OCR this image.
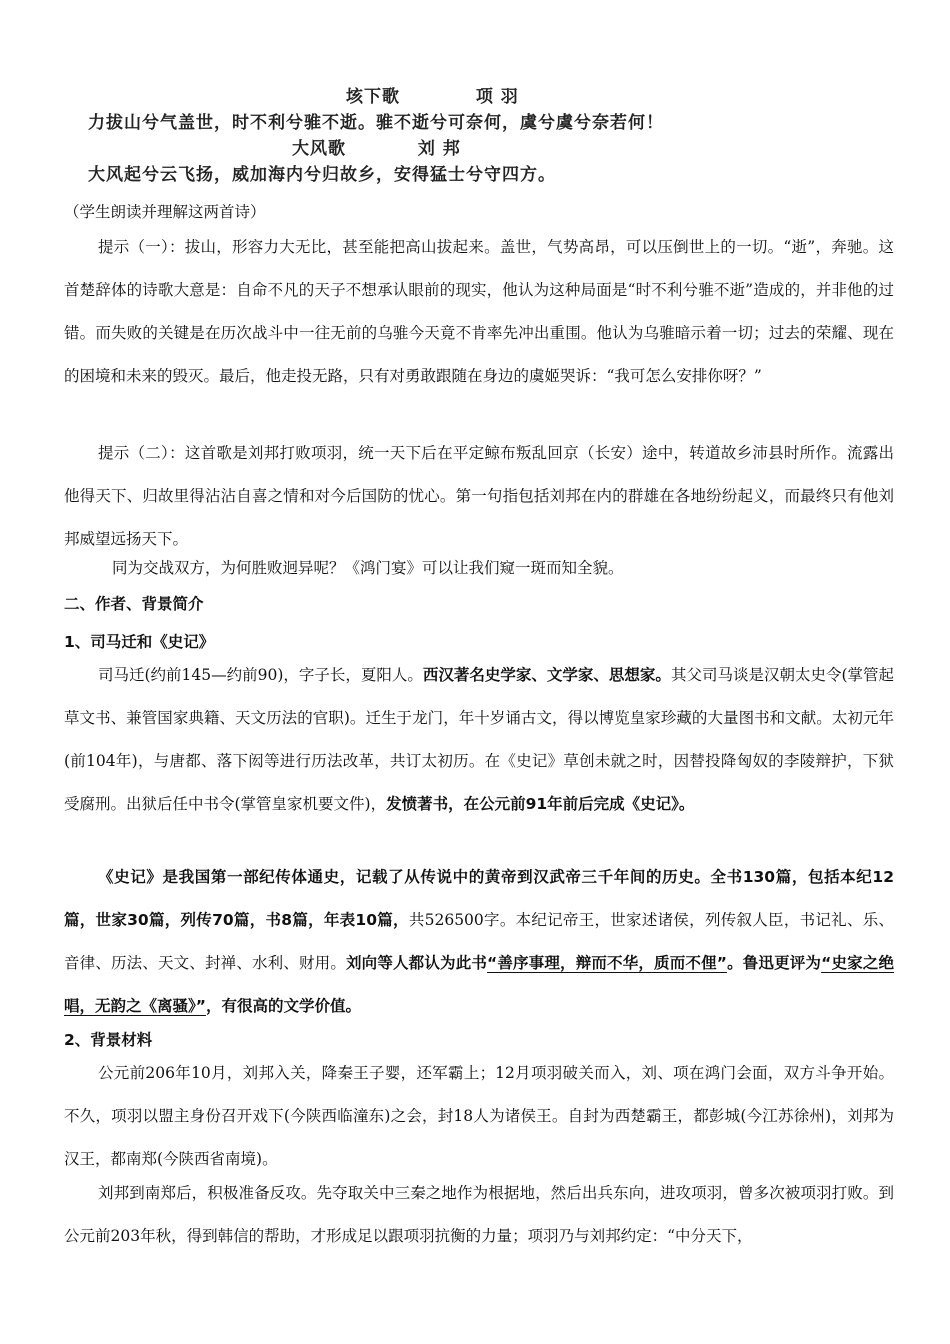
垓下歌	项 羽
力拔山兮气盖世，时不利兮骓不逝。骓不逝兮可奈何，虞兮虞兮奈若何！
大风歌	刘 邦
大风起兮云飞扬，威加海内兮归故乡，安得猛士兮守四方。
（学生朗读并理解这两首诗）

提示（一）：拔山，形容力大无比，甚至能把高山拔起来。盖世，气势高昂，可以压倒世上的一切。“逝”，奔驰。这首楚辞体的诗歌大意是：自命不凡的天子不想承认眼前的现实，他认为这种局面是“时不利兮骓不逝”造成的，并非他的过错。而失败的关键是在历次战斗中一往无前的乌骓今天竟不肯率先冲出重围。他认为乌骓暗示着一切；过去的荣耀、现在的困境和未来的毁灭。最后，他走投无路，只有对勇敢跟随在身边的虞姬哭诉：“我可怎么安排你呀？”

提示（二）：这首歌是刘邦打败项羽，统一天下后在平定鲸布叛乱回京（长安）途中，转道故乡沛县时所作。流露出他得天下、归故里得沾沾自喜之情和对今后国防的忧心。第一句指包括刘邦在内的群雄在各地纷纷起义，而最终只有他刘邦威望远扬天下。

同为交战双方，为何胜败迥异呢？《鸿门宴》可以让我们窥一斑而知全貌。
二、作者、背景简介
1、司马迁和《史记》

司马迁(约前145—约前90)，字子长，夏阳人。西汉著名史学家、文学家、思想家。其父司马谈是汉朝太史令(掌管起草文书、兼管国家典籍、天文历法的官职)。迁生于龙门，年十岁诵古文，得以博览皇家珍藏的大量图书和文献。太初元年(前104年)，与唐都、落下闳等进行历法改革，共订太初历。在《史记》草创未就之时，因替投降匈奴的李陵辩护，下狱受腐刑。出狱后任中书令(掌管皇家机要文件)，发愤著书，在公元前91年前后完成《史记》。

《史记》是我国第一部纪传体通史，记载了从传说中的黄帝到汉武帝三千年间的历史。全书130篇，包括本纪12篇，世家30篇，列传70篇，书8篇，年表10篇，共526500字。本纪记帝王，世家述诸侯，列传叙人臣，书记礼、乐、音律、历法、天文、封禅、水利、财用。刘向等人都认为此书“善序事理，辩而不华，质而不俚”。鲁迅更评为“史家之绝唱，无韵之《离骚》”，有很高的文学价值。

2、背景材料

公元前206年10月，刘邦入关，降秦王子婴，还军霸上；12月项羽破关而入，刘、项在鸿门会面，双方斗争开始。不久，项羽以盟主身份召开戏下(今陕西临潼东)之会，封18人为诸侯王。自封为西楚霸王，都彭城(今江苏徐州)，刘邦为汉王，都南郑(今陕西省南境)。

刘邦到南郑后，积极准备反攻。先夺取关中三秦之地作为根据地，然后出兵东向，进攻项羽，曾多次被项羽打败。到公元前203年秋，得到韩信的帮助，才形成足以跟项羽抗衡的力量；项羽乃与刘邦约定：“中分天下，
